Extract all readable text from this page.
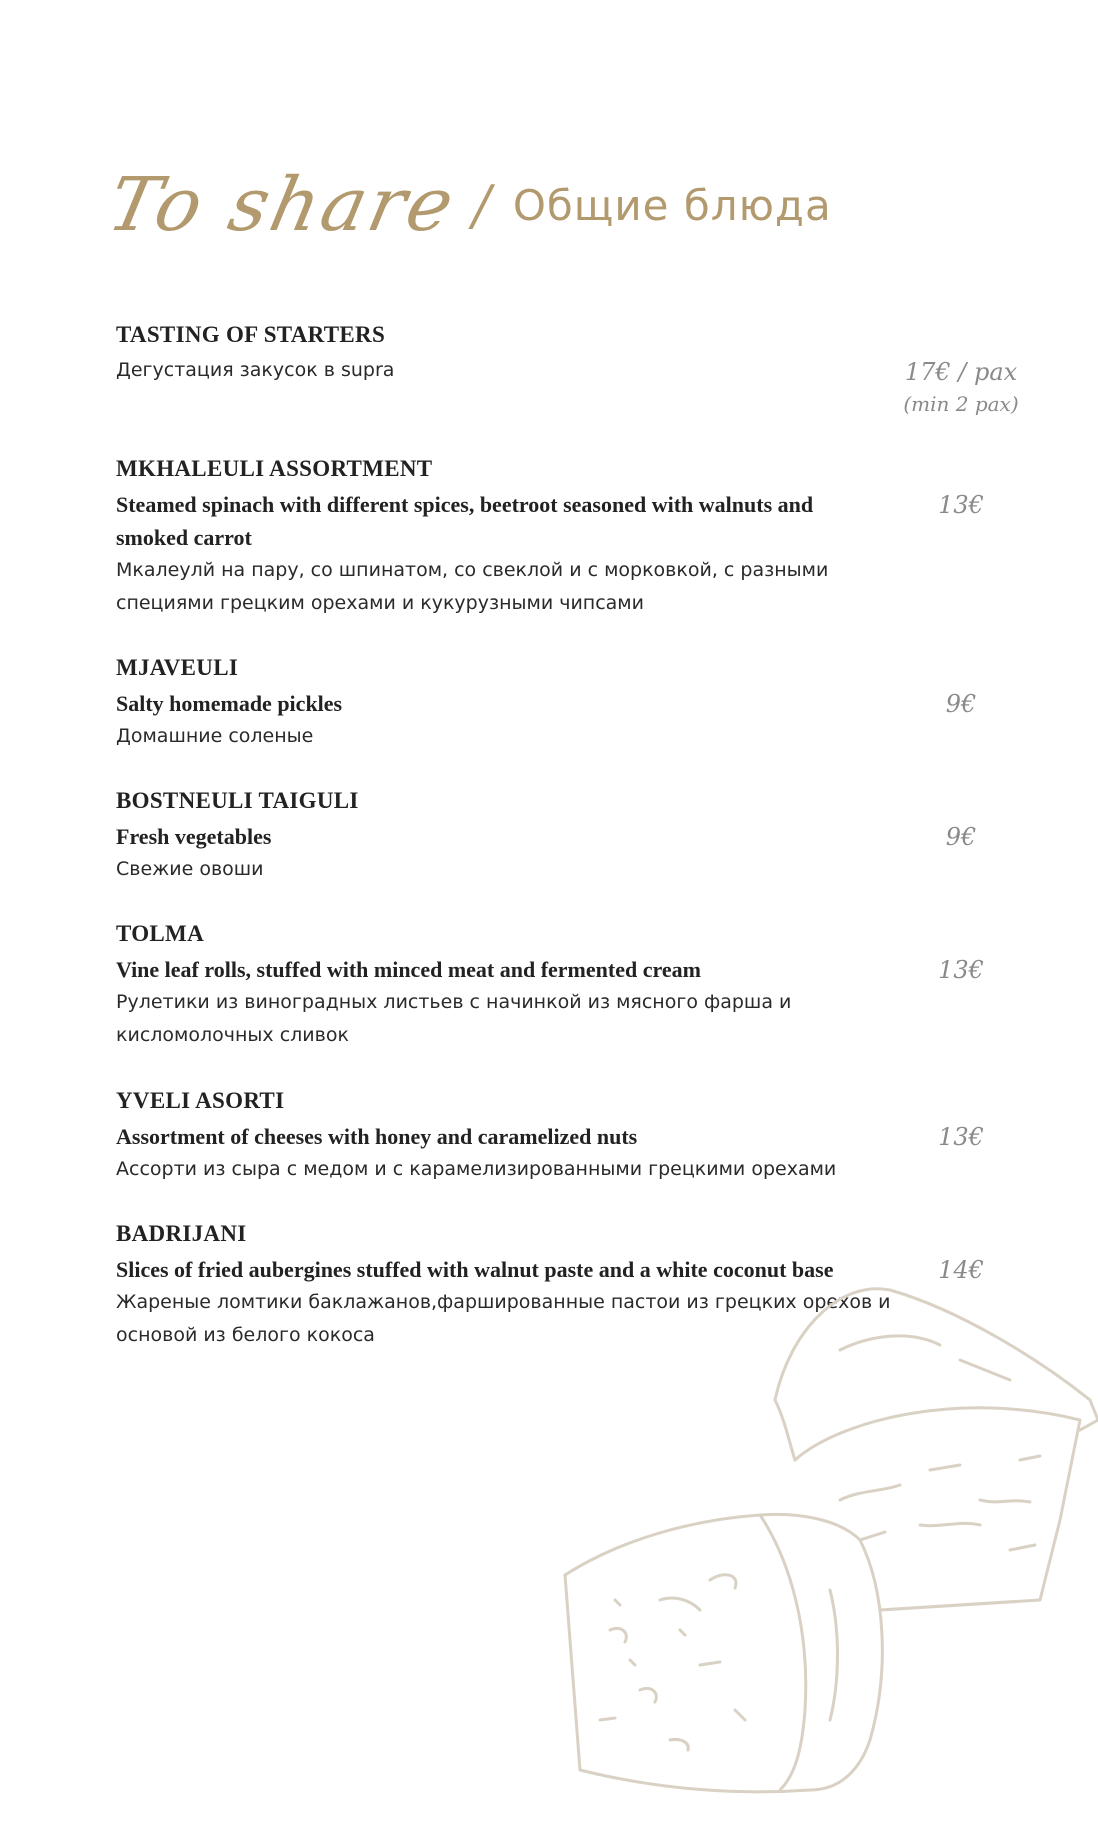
To share / Общие блюда
TASTING OF STARTERS
Дегустация закусок в supra	17€ / pax
(min 2 pax)
MKHALEULI ASSORTMENT
Steamed spinach with different spices, beetroot seasoned with walnuts and smoked carrot
Мкалеулй на пару, со шпинатом, со свеклой и с морковкой, с разными специями грецким орехами и кукурузными чипсами
13€
MJAVEULI
Salty homemade pickles
Домашние соленые
9€
BOSTNEULI TAIGULI
Fresh vegetables
Свежие овоши
9€
TOLMA
Vine leaf rolls, stuffed with minced meat and fermented cream
Рулетики из виноградных листьев с начинкой из мясного фарша и кисломолочных сливок
13€
YVELI ASORTI
Assortment of cheeses with honey and caramelized nuts
Ассорти из сыра с медом и с карамелизированными грецкими орехами
13€
BADRIJANI
Slices of fried aubergines stuffed with walnut paste and a white coconut base
Жареные ломтики баклажанов,фаршированные пастои из грецких орехов и основой из белого кокоса
14€
